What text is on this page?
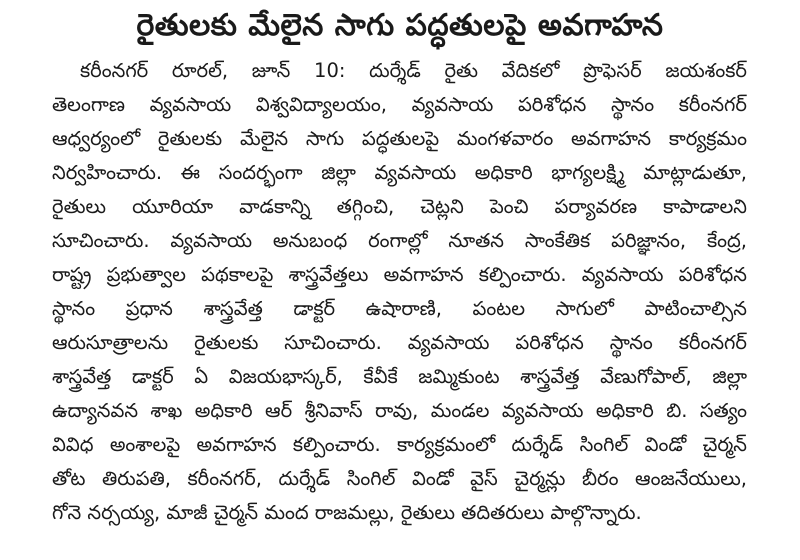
రైతులకు మేలైన సాగు పద్ధతులపై అవగాహన
కరీంనగర్ రూరల్, జూన్ 10: దుర్శేడ్ రైతు వేదికలో ప్రొఫెసర్ జయశంకర్
తెలంగాణ వ్యవసాయ విశ్వవిద్యాలయం, వ్యవసాయ పరిశోధన స్థానం కరీంనగర్
ఆధ్వర్యంలో రైతులకు మేలైన సాగు పద్ధతులపై మంగళవారం అవగాహన కార్యక్రమం
నిర్వహించారు. ఈ సందర్భంగా జిల్లా వ్యవసాయ అధికారి భాగ్యలక్ష్మి మాట్లాడుతూ,
రైతులు యూరియా వాడకాన్ని తగ్గించి, చెట్లని పెంచి పర్యావరణ కాపాడాలని
సూచించారు. వ్యవసాయ అనుబంధ రంగాల్లో నూతన సాంకేతిక పరిజ్ఞానం, కేంద్ర,
రాష్ట్ర ప్రభుత్వాల పథకాలపై శాస్త్రవేత్తలు అవగాహన కల్పించారు. వ్యవసాయ పరిశోధన
స్థానం ప్రధాన శాస్త్రవేత్త డాక్టర్ ఉషారాణి, పంటల సాగులో పాటించాల్సిన
ఆరుసూత్రాలను రైతులకు సూచించారు. వ్యవసాయ పరిశోధన స్థానం కరీంనగర్
శాస్త్రవేత్త డాక్టర్ ఏ విజయభాస్కర్, కేవీకే జమ్మికుంట శాస్త్రవేత్త వేణుగోపాల్, జిల్లా
ఉద్యానవన శాఖ అధికారి ఆర్ శ్రీనివాస్ రావు, మండల వ్యవసాయ అధికారి బి. సత్యం
వివిధ అంశాలపై అవగాహన కల్పించారు. కార్యక్రమంలో దుర్శేడ్ సింగిల్ విండో చైర్మన్
తోట తిరుపతి, కరీంనగర్, దుర్శేడ్ సింగిల్ విండో వైస్ చైర్మన్లు బీరం ఆంజనేయులు,
గోనె నర్సయ్య, మాజీ చైర్మన్ మంద రాజమల్లు, రైతులు తదితరులు పాల్గొన్నారు.
